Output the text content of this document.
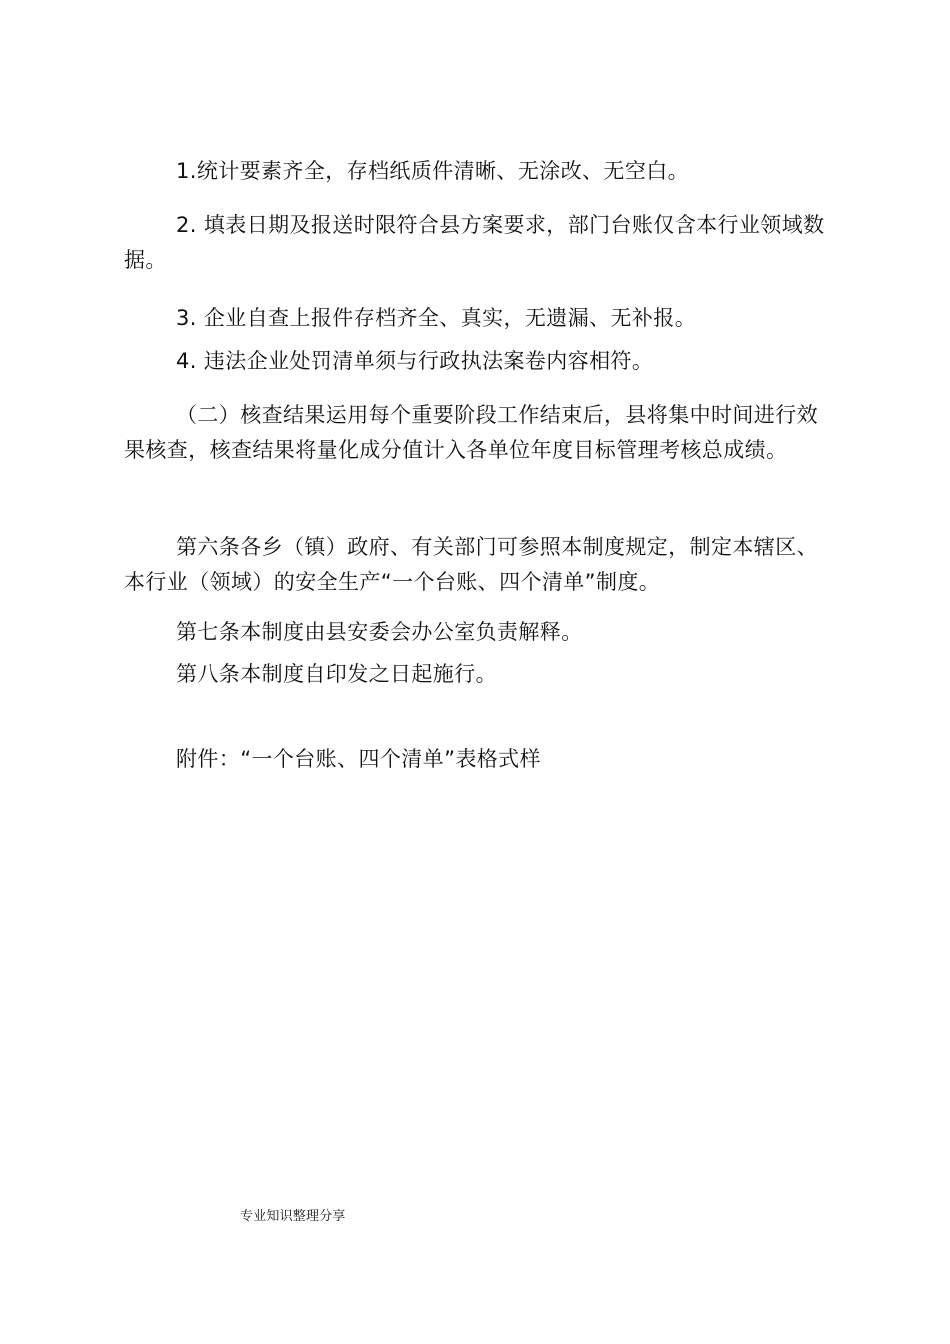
1.统计要素齐全，存档纸质件清晰、无涂改、无空白。

2. 填表日期及报送时限符合县方案要求，部门台账仅含本行业领域数据。

3. 企业自查上报件存档齐全、真实，无遗漏、无补报。

4. 违法企业处罚清单须与行政执法案卷内容相符。

（二）核查结果运用每个重要阶段工作结束后，县将集中时间进行效果核查，核查结果将量化成分值计入各单位年度目标管理考核总成绩。

第六条各乡（镇）政府、有关部门可参照本制度规定，制定本辖区、本行业（领域）的安全生产“一个台账、四个清单”制度。

第七条本制度由县安委会办公室负责解释。

第八条本制度自印发之日起施行。

附件：“一个台账、四个清单”表格式样

专业知识整理分享
